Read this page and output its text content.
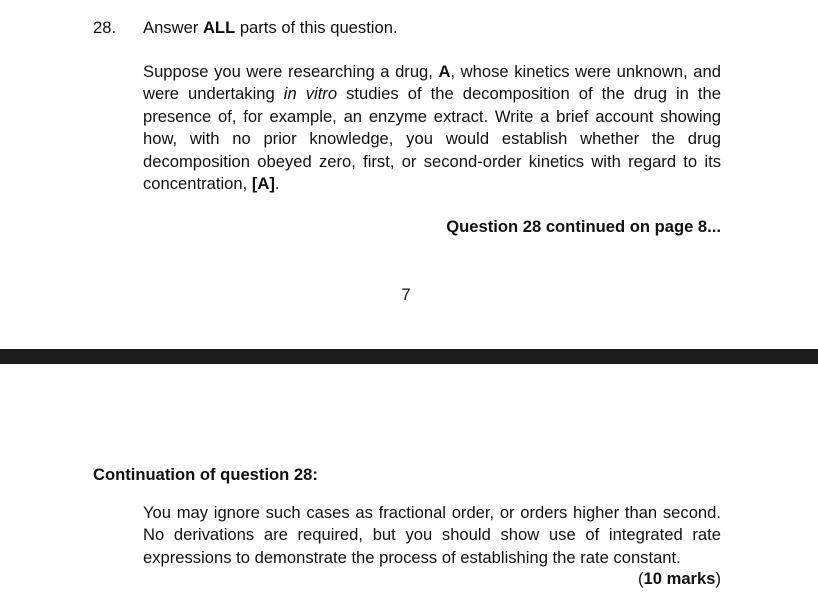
28. Answer ALL parts of this question.

Suppose you were researching a drug, A, whose kinetics were unknown, and were undertaking in vitro studies of the decomposition of the drug in the presence of, for example, an enzyme extract. Write a brief account showing how, with no prior knowledge, you would establish whether the drug decomposition obeyed zero, first, or second-order kinetics with regard to its concentration, [A].

Question 28 continued on page 8...
7
Continuation of question 28:

You may ignore such cases as fractional order, or orders higher than second. No derivations are required, but you should show use of integrated rate expressions to demonstrate the process of establishing the rate constant.

(10 marks)
